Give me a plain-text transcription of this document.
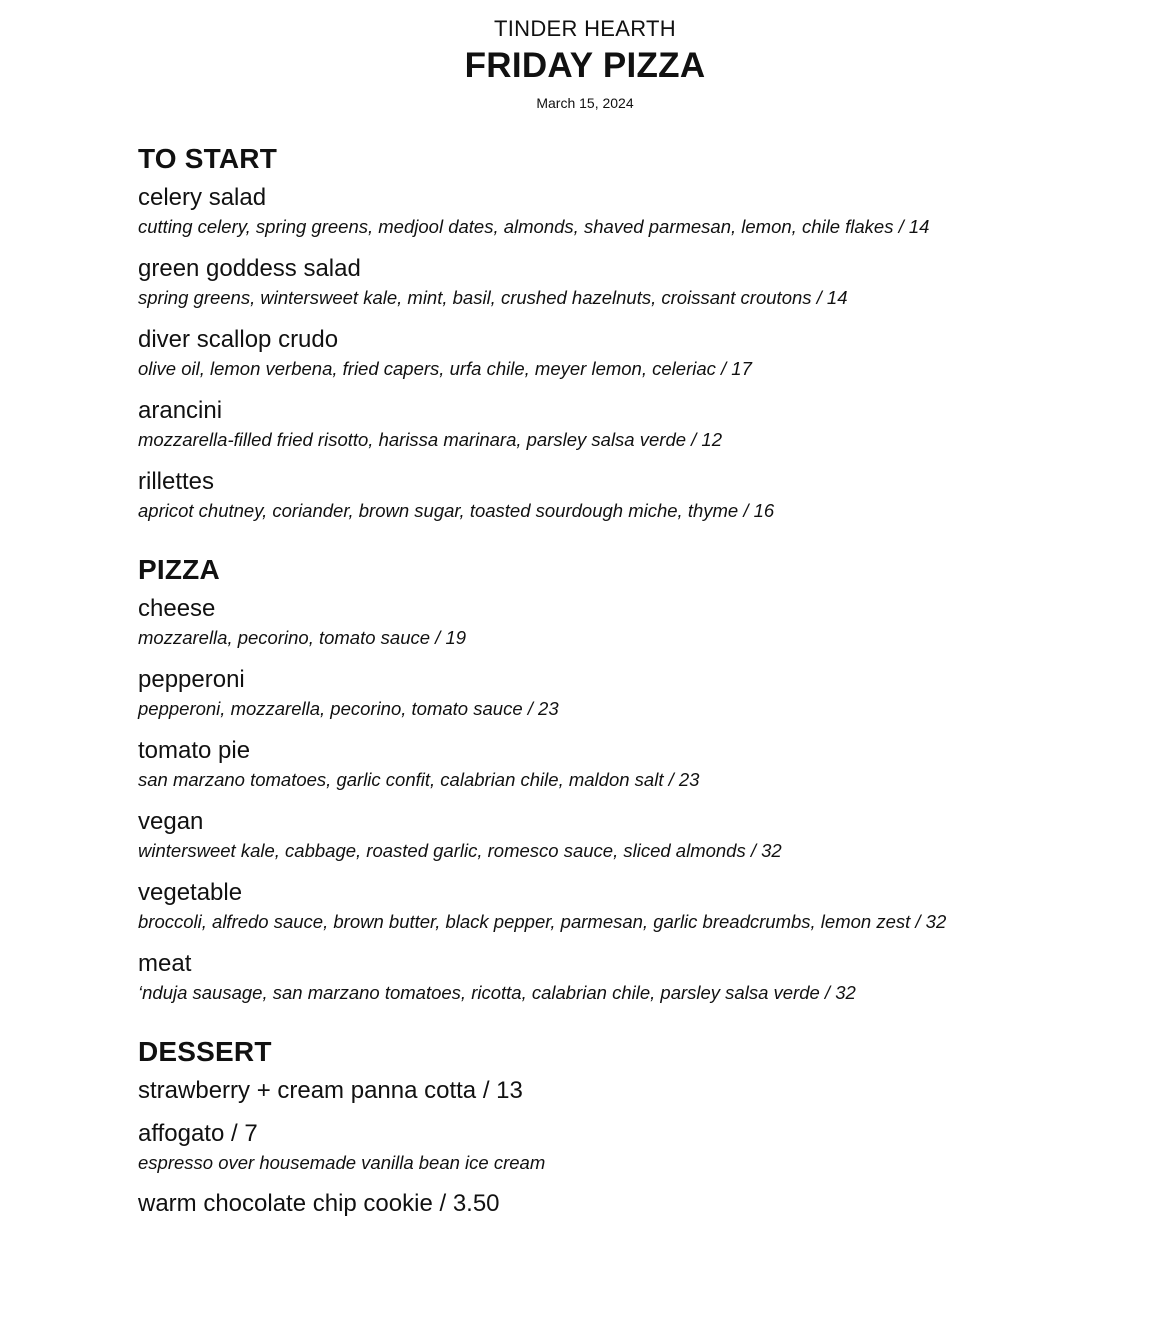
TINDER HEARTH
FRIDAY PIZZA
March 15, 2024
TO START
celery salad
cutting celery, spring greens, medjool dates, almonds, shaved parmesan, lemon, chile flakes / 14
green goddess salad
spring greens, wintersweet kale, mint, basil, crushed hazelnuts, croissant croutons / 14
diver scallop crudo
olive oil, lemon verbena, fried capers, urfa chile, meyer lemon, celeriac / 17
arancini
mozzarella-filled fried risotto, harissa marinara, parsley salsa verde / 12
rillettes
apricot chutney, coriander, brown sugar, toasted sourdough miche, thyme / 16
PIZZA
cheese
mozzarella, pecorino, tomato sauce / 19
pepperoni
pepperoni, mozzarella, pecorino, tomato sauce / 23
tomato pie
san marzano tomatoes, garlic confit, calabrian chile, maldon salt / 23
vegan
wintersweet kale, cabbage, roasted garlic, romesco sauce, sliced almonds / 32
vegetable
broccoli, alfredo sauce, brown butter, black pepper, parmesan, garlic breadcrumbs, lemon zest / 32
meat
‘nduja sausage, san marzano tomatoes, ricotta, calabrian chile, parsley salsa verde / 32
DESSERT
strawberry + cream panna cotta / 13
affogato / 7
espresso over housemade vanilla bean ice cream
warm chocolate chip cookie / 3.50
